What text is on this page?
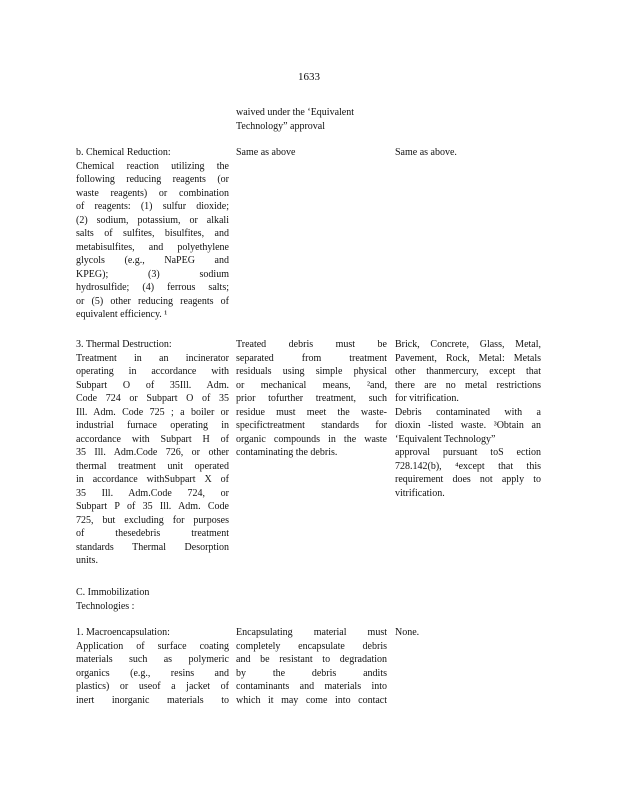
1633
waived under the ‘Equivalent
Technology” approval
b. Chemical Reduction:
Chemical reaction utilizing the
following reducing reagents (or
waste reagents) or combination
of reagents: (1) sulfur dioxide;
(2) sodium, potassium, or alkali
salts of sulfites, bisulfites, and
metabisulfites, and polyethylene
glycols (e.g., NaPEG and
KPEG); (3) sodium
hydrosulfide; (4) ferrous salts;
or (5) other reducing reagents of
equivalent efficiency. ¹
Same as above	Same as above.
3. Thermal Destruction:
Treatment in an incinerator
operating in accordance with
Subpart O of 35Ill. Adm.
Code 724 or Subpart O of 35
Ill. Adm. Code 725 ; a boiler or
industrial furnace operating in
accordance with Subpart H of
35 Ill. Adm.Code 726, or other
thermal treatment unit operated
in accordance withSubpart X of
35 Ill. Adm.Code 724, or
Subpart P of 35 Ill. Adm. Code
725, but excluding for purposes
of thesedebris treatment
standards Thermal Desorption
units.
Treated debris must be
separated from treatment
residuals using simple physical
or mechanical means, ²and,
prior tofurther treatment, such
residue must meet the waste-
specifictreatment standards for
organic compounds in the waste
contaminating the debris.
Brick, Concrete, Glass, Metal,
Pavement, Rock, Metal: Metals
other thanmercury, except that
there are no metal restrictions
for vitrification.
Debris contaminated with a
dioxin -listed waste. ³Obtain an
‘Equivalent Technology”
approval pursuant toS ection
728.142(b), ⁴except that this
requirement does not apply to
vitrification.
C. Immobilization
Technologies :
1. Macroencapsulation:
Application of surface coating
materials such as polymeric
organics (e.g., resins and
plastics) or useof a jacket of
inert inorganic materials to
Encapsulating material must
completely encapsulate debris
and be resistant to degradation
by the debris andits
contaminants and materials into
which it may come into contact
None.
